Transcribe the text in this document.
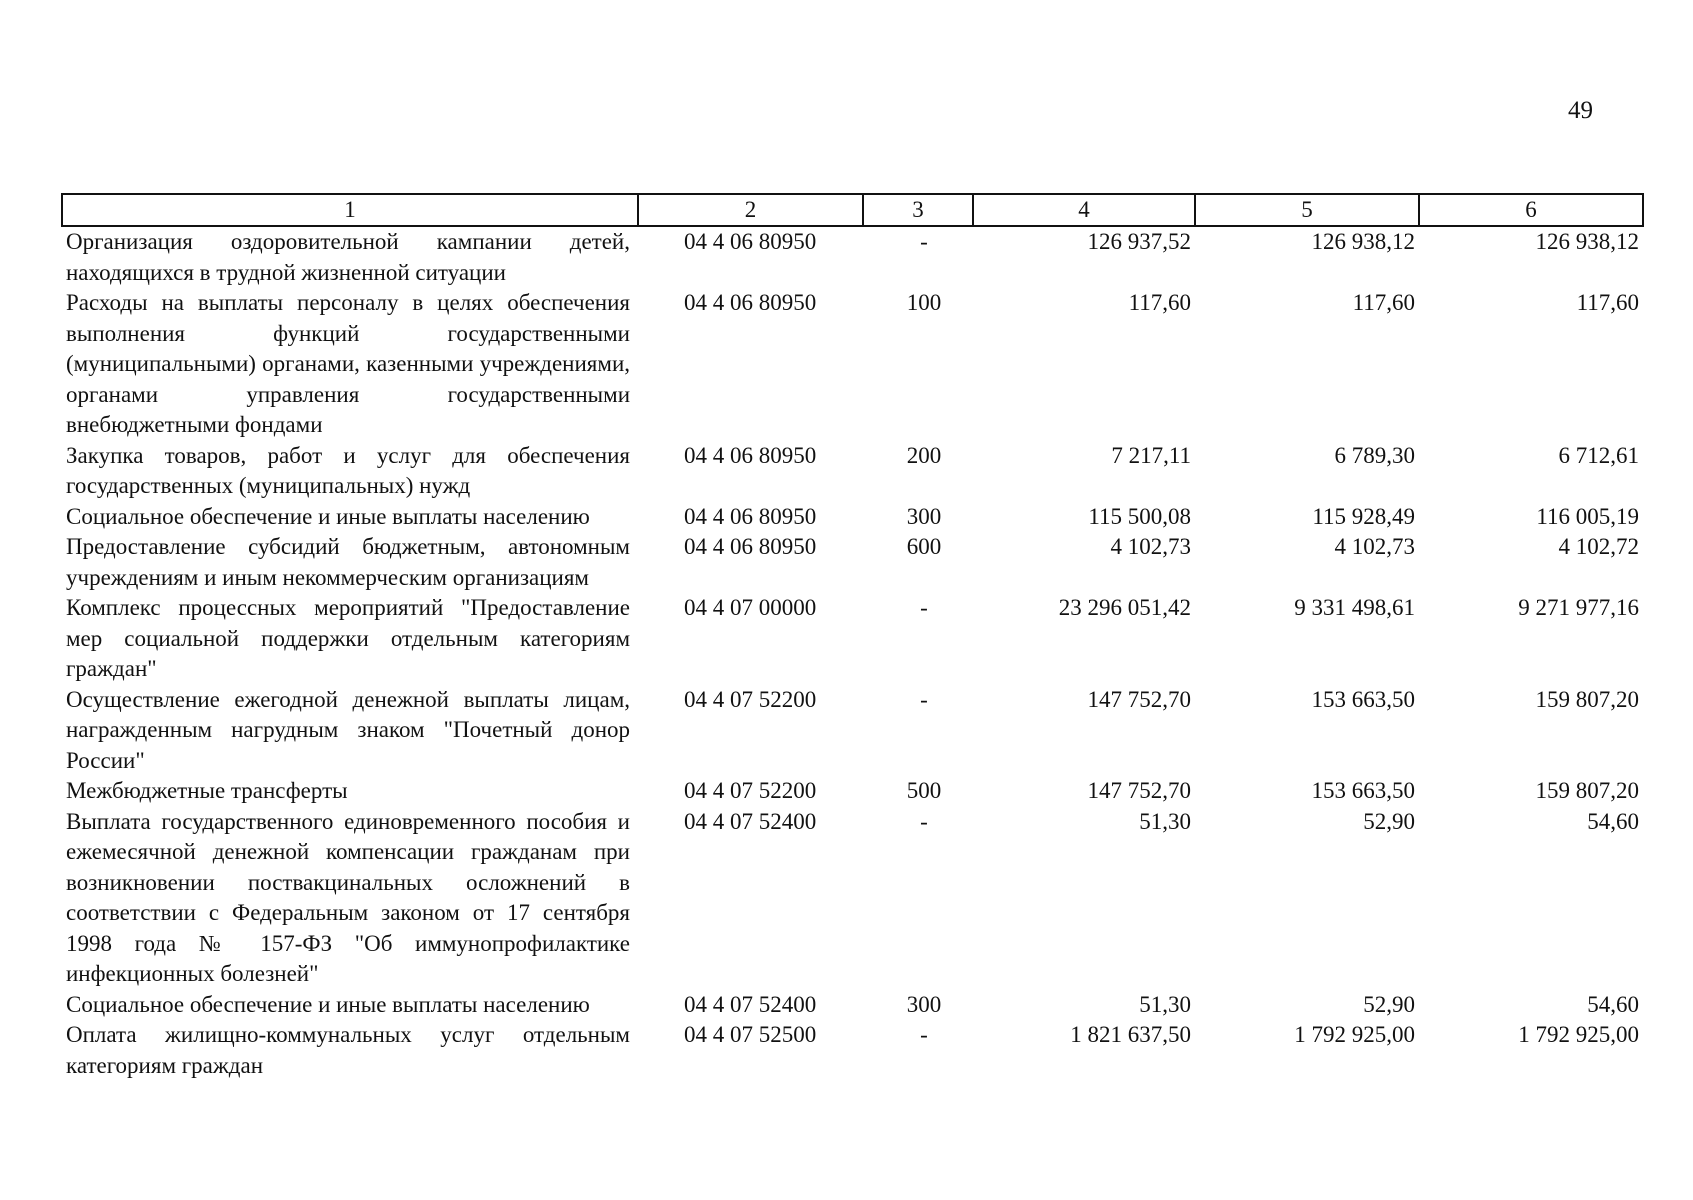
49
1	2	3	4	5	6
Организация оздоровительной кампании детей, находящихся в трудной жизненной ситуации	04 4 06 80950	-	126 937,52	126 938,12	126 938,12
Расходы на выплаты персоналу в целях обеспечения выполнения функций государственными (муниципальными) органами, казенными учреждениями, органами управления государственными внебюджетными фондами	04 4 06 80950	100	117,60	117,60	117,60
Закупка товаров, работ и услуг для обеспечения государственных (муниципальных) нужд	04 4 06 80950	200	7 217,11	6 789,30	6 712,61
Социальное обеспечение и иные выплаты населению	04 4 06 80950	300	115 500,08	115 928,49	116 005,19
Предоставление субсидий бюджетным, автономным учреждениям и иным некоммерческим организациям	04 4 06 80950	600	4 102,73	4 102,73	4 102,72
Комплекс процессных мероприятий "Предоставление мер социальной поддержки отдельным категориям граждан"	04 4 07 00000	-	23 296 051,42	9 331 498,61	9 271 977,16
Осуществление ежегодной денежной выплаты лицам, награжденным нагрудным знаком "Почетный донор России"	04 4 07 52200	-	147 752,70	153 663,50	159 807,20
Межбюджетные трансферты	04 4 07 52200	500	147 752,70	153 663,50	159 807,20
Выплата государственного единовременного пособия и ежемесячной денежной компенсации гражданам при возникновении поствакцинальных осложнений в соответствии с Федеральным законом от 17 сентября 1998 года № 157-ФЗ "Об иммунопрофилактике инфекционных болезней"	04 4 07 52400	-	51,30	52,90	54,60
Социальное обеспечение и иные выплаты населению	04 4 07 52400	300	51,30	52,90	54,60
Оплата жилищно-коммунальных услуг отдельным категориям граждан	04 4 07 52500	-	1 821 637,50	1 792 925,00	1 792 925,00
